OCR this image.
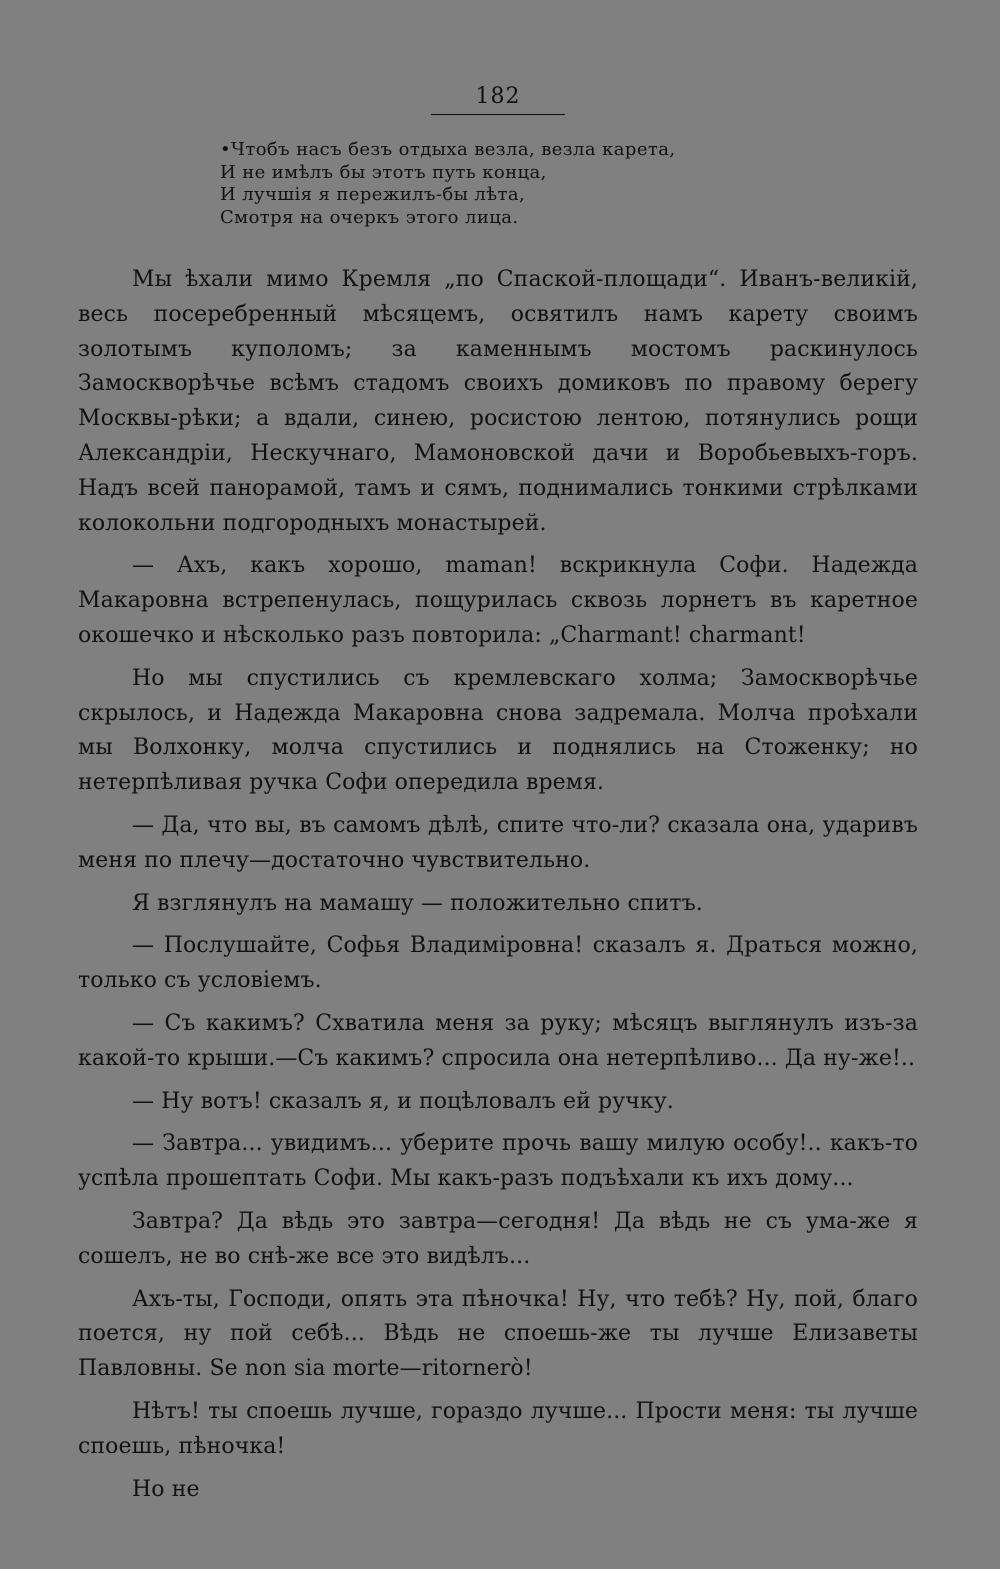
182
•Чтобъ насъ безъ отдыха везла, везла карета,
И не имѣлъ бы этотъ путь конца,
И лучшія я пережилъ-бы лѣта,
Смотря на очеркъ этого лица.

Мы ѣхали мимо Кремля „по Спаской-площади“. Иванъ-великій, весь посеребренный мѣсяцемъ, освятилъ намъ карету своимъ золотымъ куполомъ; за каменнымъ мостомъ раскинулось Замоскворѣчье всѣмъ стадомъ своихъ домиковъ по правому берегу Москвы-рѣки; а вдали, синею, росистою лентою, потянулись рощи Александріи, Нескучнаго, Мамоновской дачи и Воробьевыхъ-горъ. Надъ всей панорамой, тамъ и сямъ, поднимались тонкими стрѣлками колокольни подгородныхъ монастырей.

— Ахъ, какъ хорошо, maman! вскрикнула Софи. Надежда Макаровна встрепенулась, пощурилась сквозь лорнетъ въ каретное окошечко и нѣсколько разъ повторила: „Charmant! charmant!

Но мы спустились съ кремлевскаго холма; Замоскворѣчье скрылось, и Надежда Макаровна снова задремала. Молча проѣхали мы Волхонку, молча спустились и поднялись на Стоженку; но нетерпѣливая ручка Софи опередила время.

— Да, что вы, въ самомъ дѣлѣ, спите что-ли? сказала она, ударивъ меня по плечу—достаточно чувствительно.

Я взглянулъ на мамашу — положительно спитъ.

— Послушайте, Софья Владиміровна! сказалъ я. Драться можно, только съ условіемъ.

— Съ какимъ? Схватила меня за руку; мѣсяцъ выглянулъ изъ-за какой-то крыши.—Съ какимъ? спросила она нетерпѣливо... Да ну-же!..

— Ну вотъ! сказалъ я, и поцѣловалъ ей ручку.

— Завтра... увидимъ... уберите прочь вашу милую особу!.. какъ-то успѣла прошептать Софи. Мы какъ-разъ подъѣхали къ ихъ дому...

Завтра? Да вѣдь это завтра—сегодня! Да вѣдь не съ ума-же я сошелъ, не во снѣ-же все это видѣлъ...

Ахъ-ты, Господи, опять эта пѣночка! Ну, что тебѣ? Ну, пой, благо поется, ну пой себѣ... Вѣдь не споешь-же ты лучше Елизаветы Павловны. Se non sia morte—ritornerò!

Нѣтъ! ты споешь лучше, гораздо лучше... Прости меня: ты лучше споешь, пѣночка!

Но не
